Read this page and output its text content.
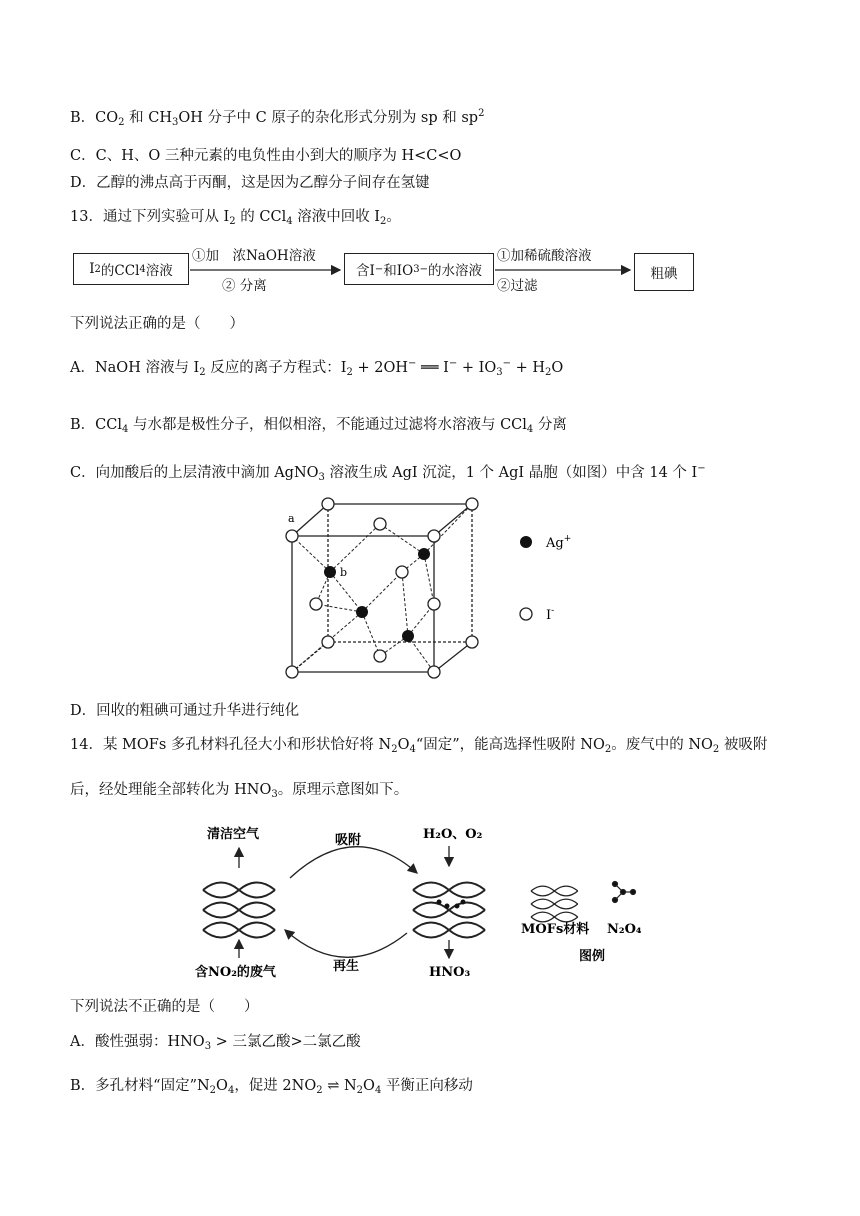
B．$CO_2$ 和 $CH_3OH$ 分子中 C 原子的杂化形式分别为 sp 和 $sp^2$
C．C、H、O 三种元素的电负性由小到大的顺序为 H<C<O
D．乙醇的沸点高于丙酮，这是因为乙醇分子间存在氢键
13．通过下列实验可从 $I_2$ 的 CCl$_4$ 溶液中回收 $I_2$。
I 2 的CCl 4 溶液
①加　浓NaOH溶液
② 分离
含I − 和IO 3 − 的水溶液
①加稀硫酸溶液
②过滤
粗碘
下列说法正确的是（　　）
A．NaOH 溶液与 $I_2$ 反应的离子方程式：$I_2 + 2OH^-$ ══ $I^- + IO_3^- + H_2O$
B．CCl$_4$ 与水都是极性分子，相似相溶，不能通过过滤将水溶液与 CCl$_4$ 分离
C．向加酸后的上层清液中滴加 AgNO$_3$ 溶液生成 AgI 沉淀，1 个 AgI 晶胞（如图）中含 14 个 I−
a
b
Ag+
I-
D．回收的粗碘可通过升华进行纯化
14．某 MOFs 多孔材料孔径大小和形状恰好将 $N_2O_4“$固定”，能高选择性吸附 $NO_2$。废气中的 $NO_2$ 被吸附
后，经处理能全部转化为 $HNO_3$。原理示意图如下。
清洁空气
含NO₂的废气
吸附
再生
H₂O、O₂
HNO₃
MOFs材料 N₂O₄
图例
下列说法不正确的是（　　）
A．酸性强弱：$HNO_3$ > 三氯乙酸>二氯乙酸
B．多孔材料“固定$”N_2O_4$，促进 $2NO_2$ ⇌ $N_2O_4$ 平衡正向移动
